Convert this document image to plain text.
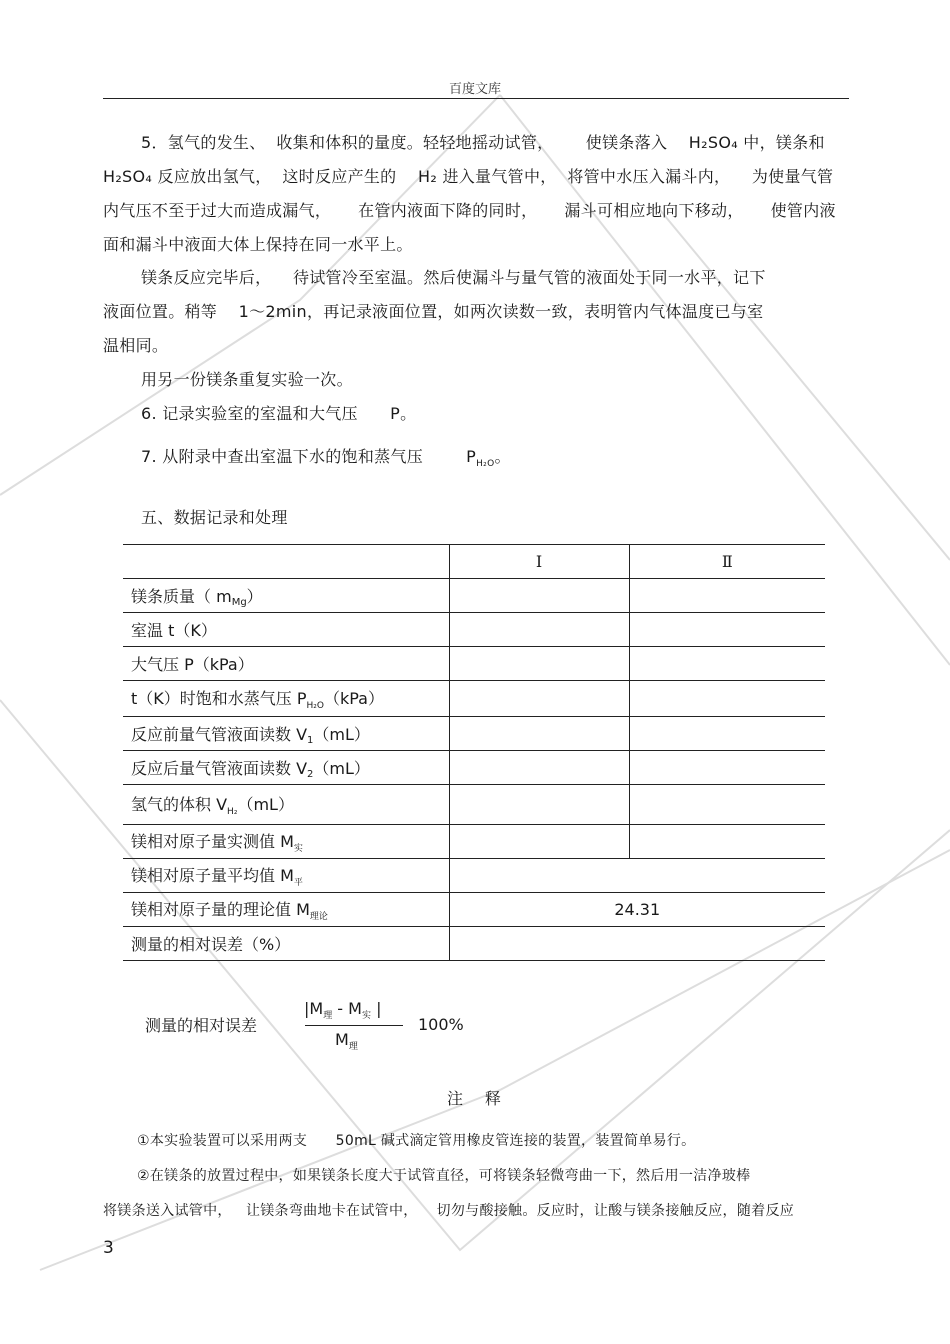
百度文库
5．氢气的发生、  收集和体积的量度。轻轻地摇动试管，      使镁条落入    H₂SO₄ 中，镁条和
H₂SO₄ 反应放出氢气，  这时反应产生的    H₂ 进入量气管中，  将管中水压入漏斗内，    为使量气管
内气压不至于过大而造成漏气，     在管内液面下降的同时，     漏斗可相应地向下移动，     使管内液
面和漏斗中液面大体上保持在同一水平上。
镁条反应完毕后，    待试管冷至室温。然后使漏斗与量气管的液面处于同一水平，记下
液面位置。稍等    1～2min，再记录液面位置，如两次读数一致，表明管内气体温度已与室
温相同。
用另一份镁条重复实验一次。
6. 记录实验室的室温和大气压      P。
7. 从附录中查出室温下水的饱和蒸气压        $P_{H_2O}$。
五、数据记录和处理
	Ⅰ	Ⅱ
镁条质量（ $m_{Mg}$）		
室温 t（K）		
大气压 P（kPa）		
t（K）时饱和水蒸气压 $P_{H_2O}(kPa)$		
反应前量气管液面读数 $V_1(mL)$		
反应后量气管液面读数 $V_2(mL)$		
氢气的体积 $V_{H_2}(mL)$		
镁相对原子量实测值 $M_实$		
镁相对原子量平均值 $M_平$	
镁相对原子量的理论值 $M_{理论}$	24.31	
测量的相对误差（%）		
测量的相对误差
$|M_理 - M_实$ |
$M_理$
100%
注    释
①本实验装置可以采用两支      50mL 碱式滴定管用橡皮管连接的装置，装置简单易行。
②在镁条的放置过程中，如果镁条长度大于试管直径，可将镁条轻微弯曲一下，然后用一洁净玻棒
将镁条送入试管中，   让镁条弯曲地卡在试管中，    切勿与酸接触。反应时，让酸与镁条接触反应，随着反应
3
